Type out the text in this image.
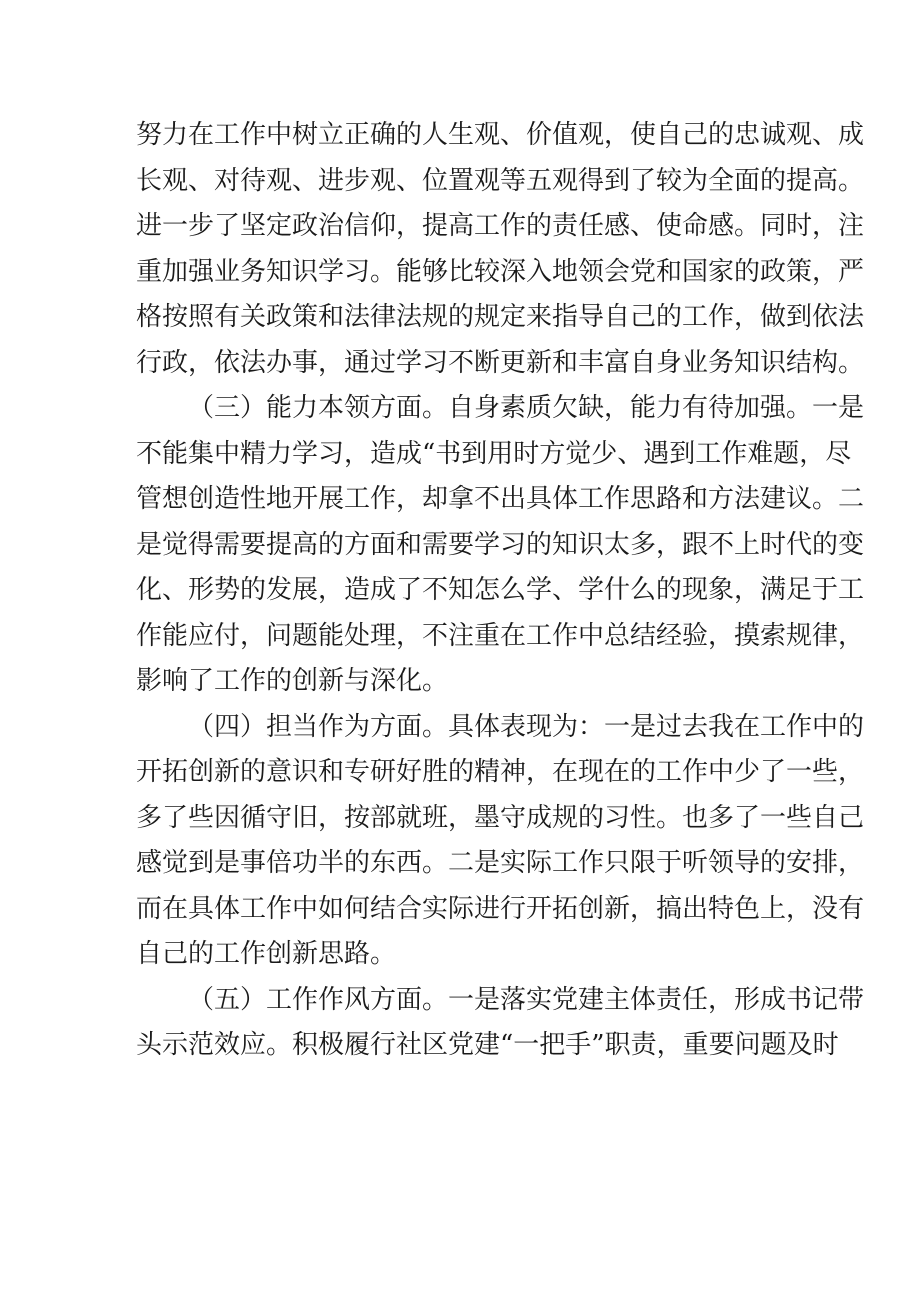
努力在工作中树立正确的人生观、价值观，使自己的忠诚观、成
长观、对待观、进步观、位置观等五观得到了较为全面的提高。
进一步了坚定政治信仰，提高工作的责任感、使命感。同时，注
重加强业务知识学习。能够比较深入地领会党和国家的政策，严
格按照有关政策和法律法规的规定来指导自己的工作，做到依法
行政，依法办事，通过学习不断更新和丰富自身业务知识结构。
（三）能力本领方面。自身素质欠缺，能力有待加强。一是
不能集中精力学习，造成“书到用时方觉少、遇到工作难题，尽
管想创造性地开展工作，却拿不出具体工作思路和方法建议。二
是觉得需要提高的方面和需要学习的知识太多，跟不上时代的变
化、形势的发展，造成了不知怎么学、学什么的现象，满足于工
作能应付，问题能处理，不注重在工作中总结经验，摸索规律，
影响了工作的创新与深化。
（四）担当作为方面。具体表现为：一是过去我在工作中的
开拓创新的意识和专研好胜的精神，在现在的工作中少了一些，
多了些因循守旧，按部就班，墨守成规的习性。也多了一些自己
感觉到是事倍功半的东西。二是实际工作只限于听领导的安排，
而在具体工作中如何结合实际进行开拓创新，搞出特色上，没有
自己的工作创新思路。
（五）工作作风方面。一是落实党建主体责任，形成书记带
头示范效应。积极履行社区党建“一把手”职责，重要问题及时
